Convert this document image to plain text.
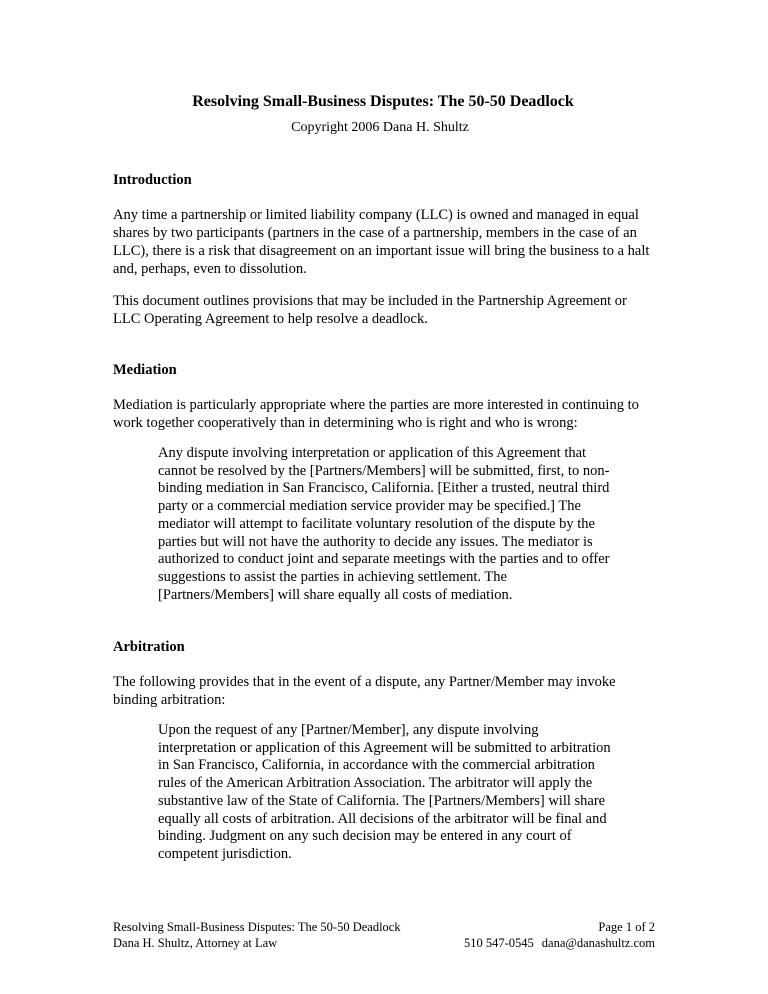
Resolving Small-Business Disputes: The 50-50 Deadlock
Copyright 2006 Dana H. Shultz
Introduction

Any time a partnership or limited liability company (LLC) is owned and managed in equal shares by two participants (partners in the case of a partnership, members in the case of an LLC), there is a risk that disagreement on an important issue will bring the business to a halt and, perhaps, even to dissolution.

This document outlines provisions that may be included in the Partnership Agreement or LLC Operating Agreement to help resolve a deadlock.

Mediation

Mediation is particularly appropriate where the parties are more interested in continuing to work together cooperatively than in determining who is right and who is wrong:

Any dispute involving interpretation or application of this Agreement that cannot be resolved by the [Partners/Members] will be submitted, first, to non-binding mediation in San Francisco, California. [Either a trusted, neutral third party or a commercial mediation service provider may be specified.] The mediator will attempt to facilitate voluntary resolution of the dispute by the parties but will not have the authority to decide any issues. The mediator is authorized to conduct joint and separate meetings with the parties and to offer suggestions to assist the parties in achieving settlement. The [Partners/Members] will share equally all costs of mediation.

Arbitration

The following provides that in the event of a dispute, any Partner/Member may invoke binding arbitration:

Upon the request of any [Partner/Member], any dispute involving interpretation or application of this Agreement will be submitted to arbitration in San Francisco, California, in accordance with the commercial arbitration rules of the American Arbitration Association. The arbitrator will apply the substantive law of the State of California. The [Partners/Members] will share equally all costs of arbitration. All decisions of the arbitrator will be final and binding. Judgment on any such decision may be entered in any court of competent jurisdiction.

Resolving Small-Business Disputes: The 50-50 Deadlock
Dana H. Shultz, Attorney at Law
Page 1 of 2
510 547-0545 dana@danashultz.com
